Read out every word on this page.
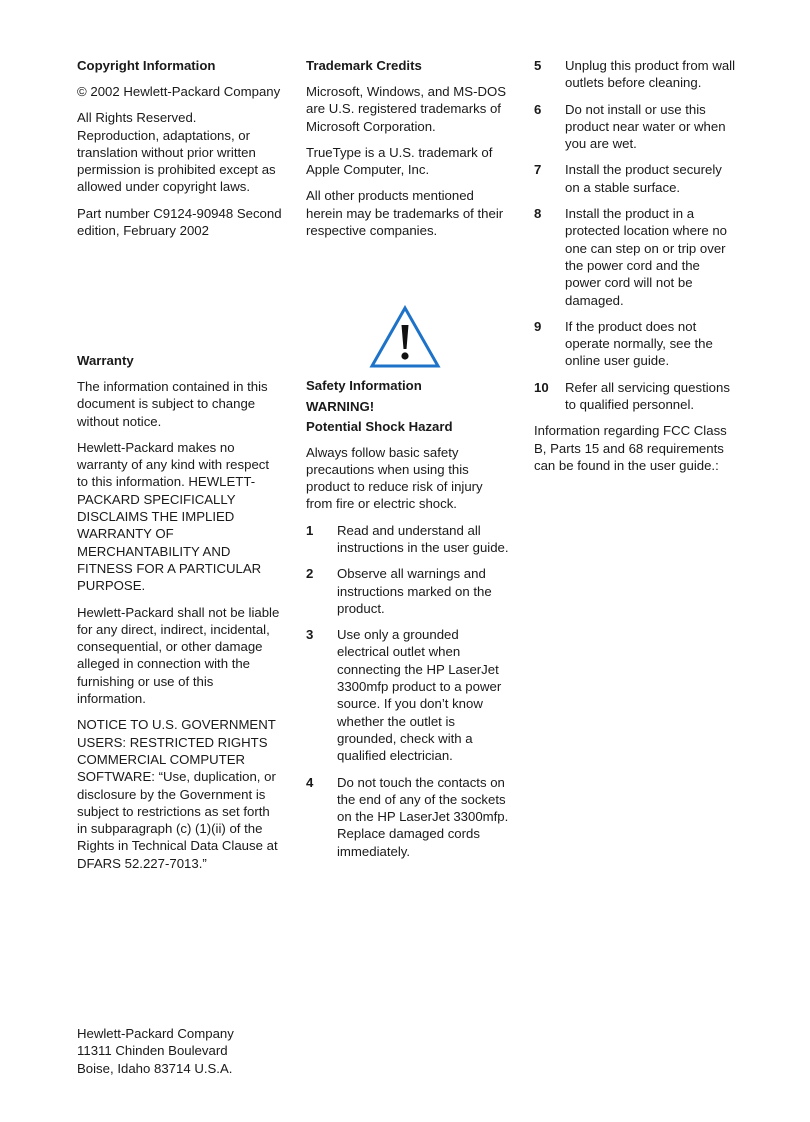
Copyright Information

© 2002 Hewlett-Packard Company

All Rights Reserved. Reproduction, adaptations, or translation without prior written permission is prohibited except as allowed under copyright laws.

Part number C9124-90948 Second edition, February 2002

Warranty

The information contained in this document is subject to change without notice.

Hewlett-Packard makes no warranty of any kind with respect to this information. HEWLETT-PACKARD SPECIFICALLY DISCLAIMS THE IMPLIED WARRANTY OF MERCHANTABILITY AND FITNESS FOR A PARTICULAR PURPOSE.

Hewlett-Packard shall not be liable for any direct, indirect, incidental, consequential, or other damage alleged in connection with the furnishing or use of this information.

NOTICE TO U.S. GOVERNMENT USERS: RESTRICTED RIGHTS COMMERCIAL COMPUTER SOFTWARE: “Use, duplication, or disclosure by the Government is subject to restrictions as set forth in subparagraph (c) (1)(ii) of the Rights in Technical Data Clause at DFARS 52.227-7013.”

Hewlett-Packard Company
11311 Chinden Boulevard
Boise, Idaho 83714 U.S.A.
Trademark Credits

Microsoft, Windows, and MS-DOS are U.S. registered trademarks of Microsoft Corporation.

TrueType is a U.S. trademark of Apple Computer, Inc.

All other products mentioned herein may be trademarks of their respective companies.

Safety Information
WARNING!
Potential Shock Hazard

Always follow basic safety precautions when using this product to reduce risk of injury from fire or electric shock.

1	Read and understand all instructions in the user guide.
2	Observe all warnings and instructions marked on the product.
3	Use only a grounded electrical outlet when connecting the HP LaserJet 3300mfp product to a power source. If you don’t know whether the outlet is grounded, check with a qualified electrician.
4	Do not touch the contacts on the end of any of the sockets on the HP LaserJet 3300mfp. Replace damaged cords immediately.
5	Unplug this product from wall outlets before cleaning.
6	Do not install or use this product near water or when you are wet.
7	Install the product securely on a stable surface.
8	Install the product in a protected location where no one can step on or trip over the power cord and the power cord will not be damaged.
9	If the product does not operate normally, see the online user guide.
10	Refer all servicing questions to qualified personnel.

Information regarding FCC Class B, Parts 15 and 68 requirements can be found in the user guide.:
